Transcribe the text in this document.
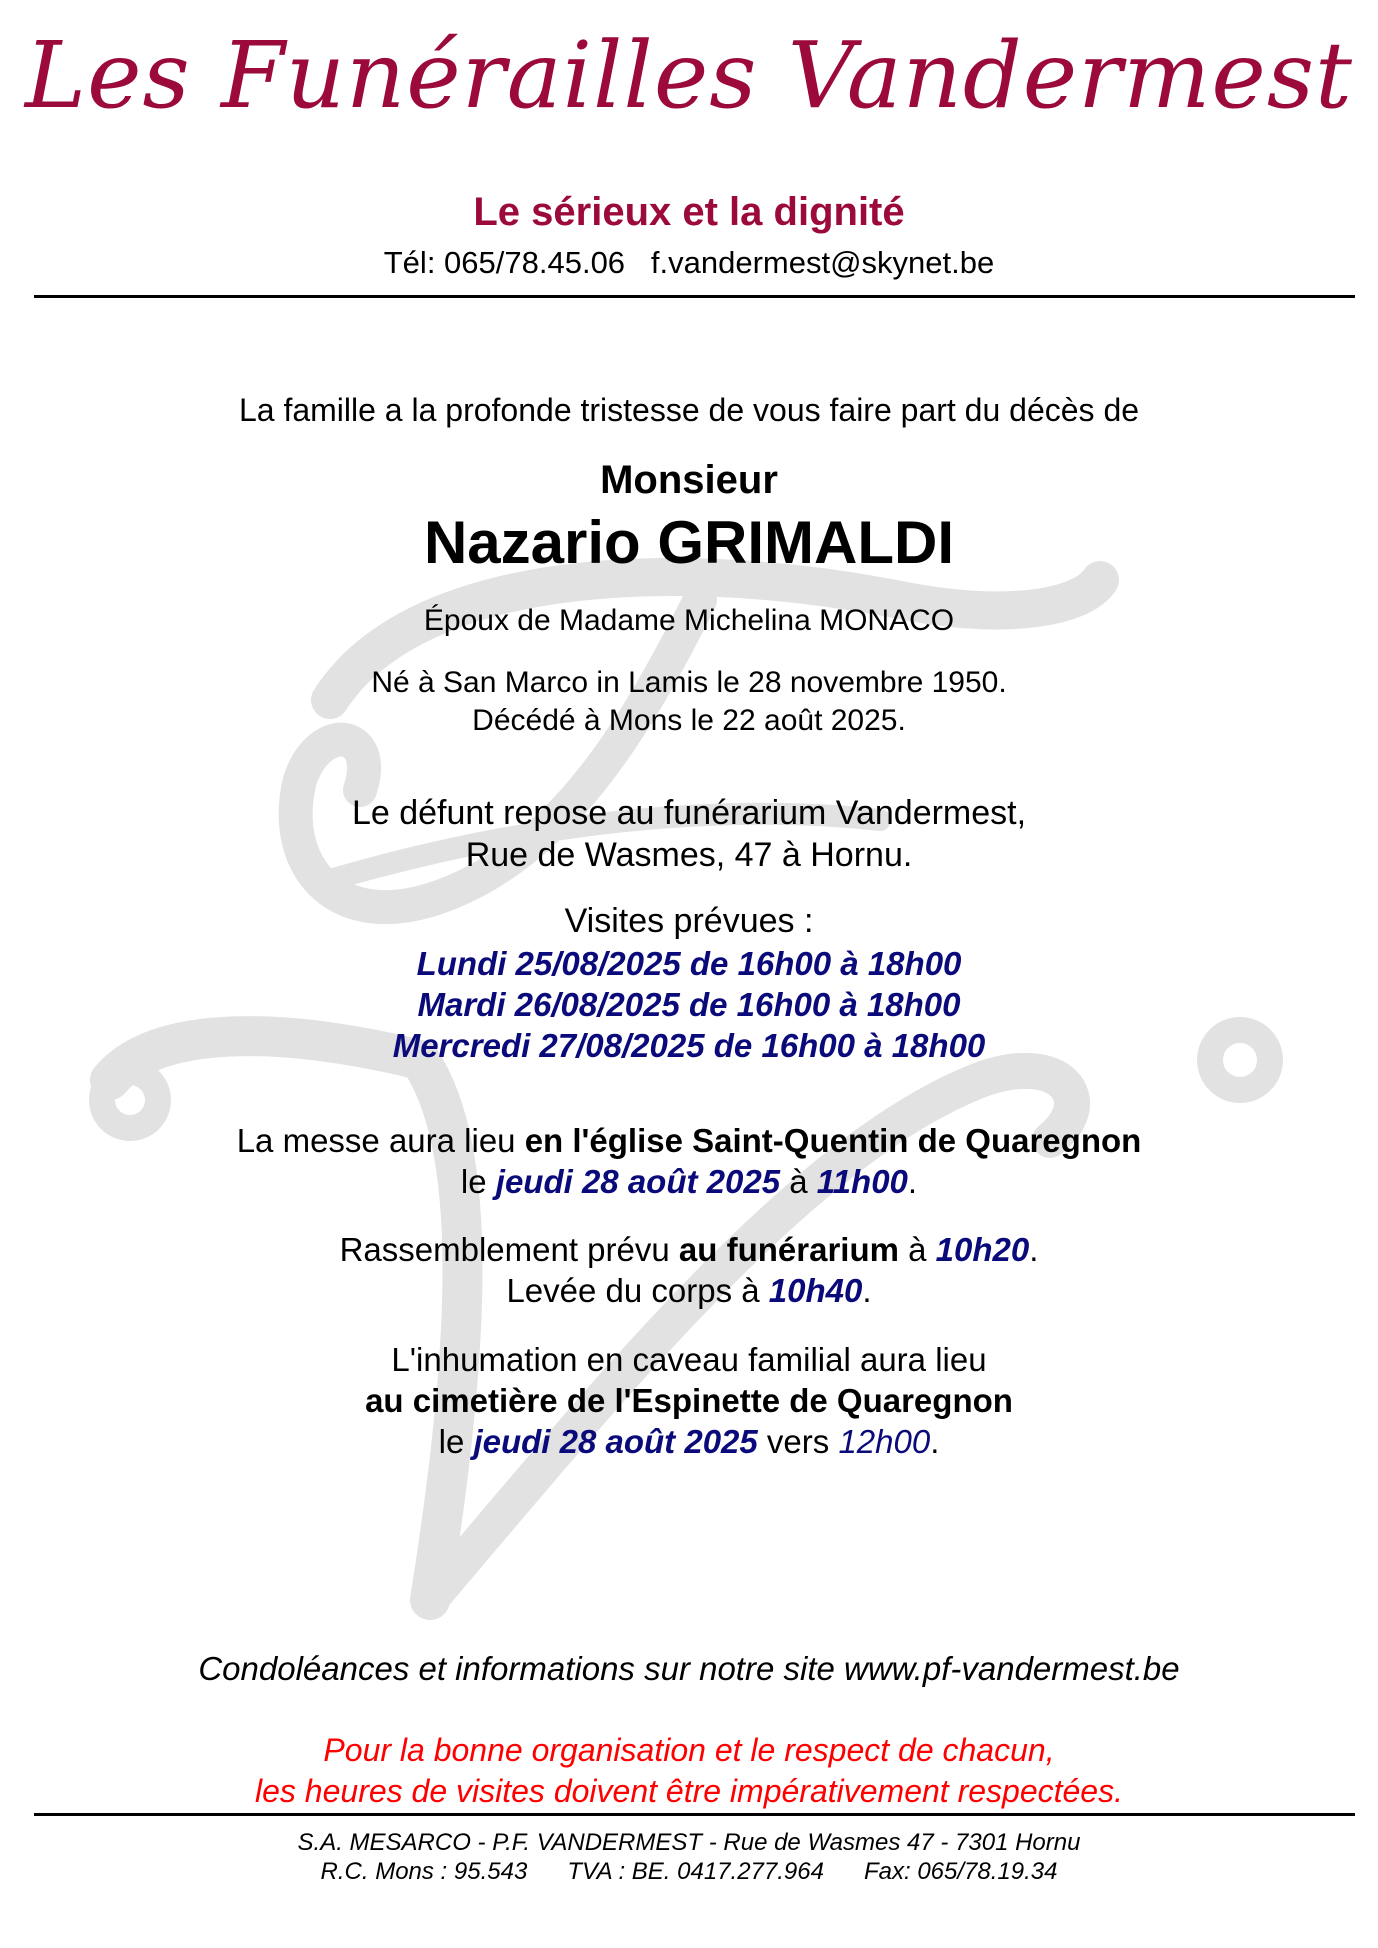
Les Funérailles Vandermest
Le sérieux et la dignité
Tél: 065/78.45.06 f.vandermest@skynet.be
La famille a la profonde tristesse de vous faire part du décès de
Monsieur
Nazario GRIMALDI
Époux de Madame Michelina MONACO
Né à San Marco in Lamis le 28 novembre 1950.
Décédé à Mons le 22 août 2025.
Le défunt repose au funérarium Vandermest,
Rue de Wasmes, 47 à Hornu.
Visites prévues :
Lundi 25/08/2025 de 16h00 à 18h00
Mardi 26/08/2025 de 16h00 à 18h00
Mercredi 27/08/2025 de 16h00 à 18h00
La messe aura lieu en l'église Saint-Quentin de Quaregnon
le jeudi 28 août 2025 à 11h00.
Rassemblement prévu au funérarium à 10h20.
Levée du corps à 10h40.
L'inhumation en caveau familial aura lieu
au cimetière de l'Espinette de Quaregnon
le jeudi 28 août 2025 vers 12h00.
Condoléances et informations sur notre site www.pf-vandermest.be
Pour la bonne organisation et le respect de chacun,
les heures de visites doivent être impérativement respectées.
S.A. MESARCO - P.F. VANDERMEST - Rue de Wasmes 47 - 7301 Hornu
R.C. Mons : 95.543 TVA : BE. 0417.277.964 Fax: 065/78.19.34
